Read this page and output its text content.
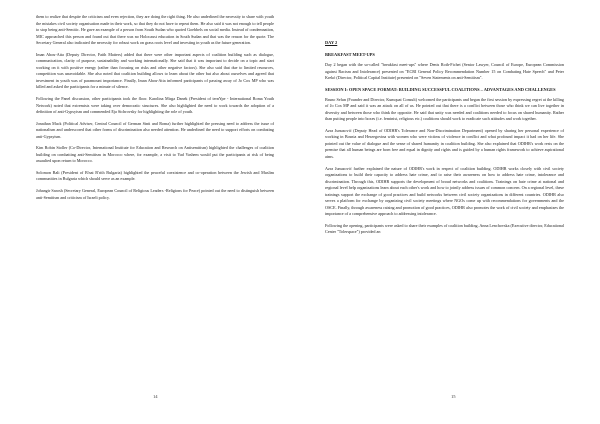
them to realize that despite the criticism and even rejection, they are doing the right thing. He also underlined the necessity to share with youth the mistakes civil society organisation made in their work, so that they do not have to repeat them. He also said it was not enough to tell people to stop being anti-Semitic. He gave an example of a person from South Sudan who quoted Goebbels on social media. Instead of condemnation, MIC approached this person and found out that there was no Holocaust education in South Sudan and that was the reason for the quote. The Secretary General also indicated the necessity for robust work on grass roots level and investing in youth as the future generation.

Iman Abou-Atta (Deputy Director, Faith Matters) added that there were other important aspects of coalition building such as dialogue, communication, clarity of purpose, sustainability and working internationally. She said that it was important to decide on a topic and start working on it with positive energy (rather than focusing on risks and other negative factors). She also said that due to limited resources, competition was unavoidable. She also noted that coalition building allows to learn about the other but also about ourselves and agreed that investment in youth was of paramount importance. Finally, Iman Abou-Atta informed participants of passing away of Jo Cox MP who was killed and asked the participants for a minute of silence.

Following the Panel discussion, other participants took the floor. Karolina Mirga Danek (President of ternYpe - International Roma Youth Network) noted that extremists were taking over democratic structures. She also highlighted the need to work towards the adoption of a definition of anti-Gypsyism and commended Eja Sichrovsky for highlighting the role of youth.

Jonathan Mack (Political Adviser, Central Council of German Sinti and Roma) further highlighted the pressing need to address the issue of nationalism and underscored that other forms of discrimination also needed attention. He underlined the need to support efforts on combating anti-Gypsyism.

Kim Robin Stoller (Co-Director, International Institute for Education and Research on Antisemitism) highlighted the challenges of coalition building on combatting anti-Semitism in Morocco where, for example, a visit to Yad Vashem would put the participants at risk of being assaulted upon return to Morocco.

Solomon Bali (President of B'nai B'rith Bulgaria) highlighted the peaceful coexistence and co-operation between the Jewish and Muslim communities in Bulgaria which should serve as an example.

Johangir Sarosh (Secretary General, European Council of Religious Leaders -Religions for Peace) pointed out the need to distinguish between anti-Semitism and criticism of Israeli policy.

14
DAY 2
BREAKFAST MEET-UPS

Day 2 began with the so-called "breakfast meet-ups" where Denis Roth-Fichet (Senior Lawyer, Council of Europe, European Commission against Racism and Intolerance) presented on "ECRI General Policy Recommendation Number 15 on Combating Hate Speech" and Peter Krekó (Director, Political Capital Institute) presented on "Seven Statements on anti-Semitism".

SESSION I: OPEN SPACE FORMAT: BUILDING SUCCESSFUL COALITIONS – ADVANTAGES AND CHALLENGES

Bruno Selun (Founder and Director, Kumquat Consult) welcomed the participants and began the first session by expressing regret at the killing of Jo Cox MP and said it was an attack on all of us. He pointed out that there is a conflict between those who think we can live together in diversity and between those who think the opposite. He said that unity was needed and coalitions needed to focus on shared humanity. Rather than putting people into boxes (i.e. feminist, religious etc.) coalitions should work to eradicate such attitudes and work together.

Azra Junuzović (Deputy Head of ODIHR's Tolerance and Non-Discrimination Department) opened by sharing her personal experience of working in Bosnia and Herzegovina with women who were victims of violence in conflict and what profound impact it had on her life. She pointed out the value of dialogue and the sense of shared humanity in coalition building. She also explained that ODIHR's work rests on the premise that all human beings are born free and equal in dignity and rights and is guided by a human rights framework to achieve aspirational aims.

Azra Junuzović further explained the nature of ODIHR's work in respect of coalition building. ODIHR works closely with civil society organizations to build their capacity to address hate crime, and to raise their awareness on how to address hate crime, intolerance and discrimination. Through this, ODIHR supports the development of broad networks and coalitions. Trainings on hate crime at national and regional level help organizations learn about each other's work and how to jointly address issues of common concern. On a regional level, these trainings support the exchange of good practices and build networks between civil society organizations in different countries. ODIHR also serves a platform for exchange by organizing civil society meetings where NGOs come up with recommendations for governments and the OSCE. Finally, through awareness raising and promotion of good practices, ODIHR also promotes the work of civil society and emphasizes the importance of a comprehensive approach to addressing intolerance.

Following the opening, participants were asked to share their examples of coalition building. Anna Lenchovska (Executive director, Educational Center "Tolerspace") provided an

15
